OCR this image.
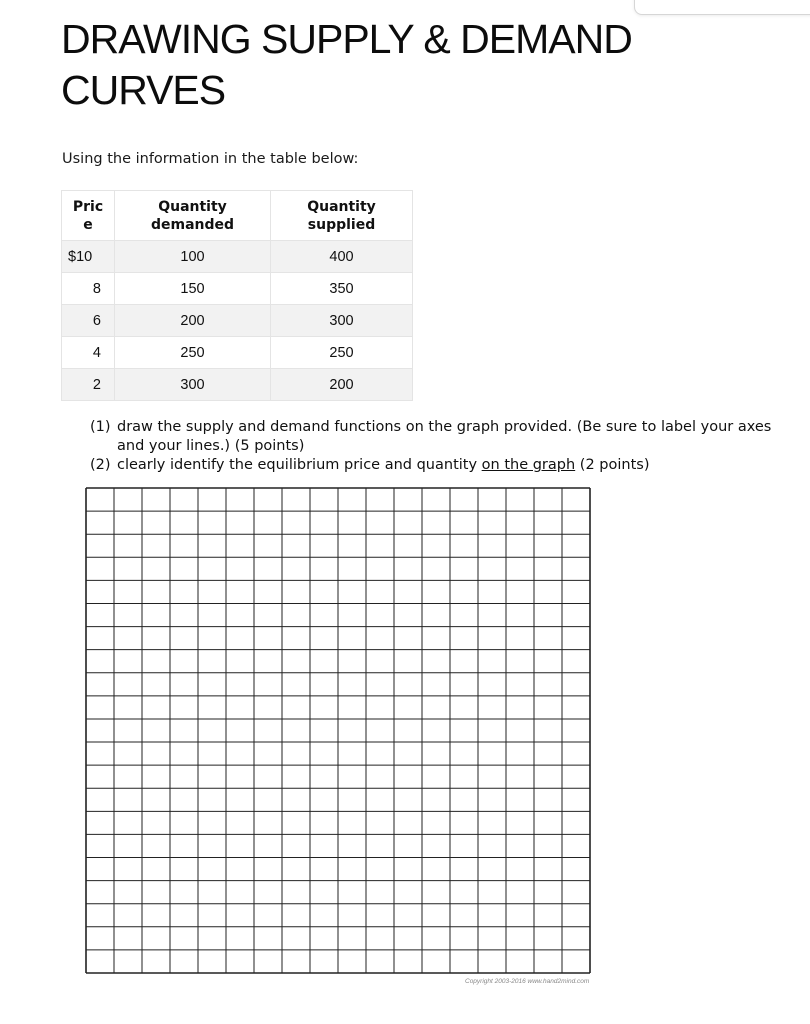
DRAWING SUPPLY & DEMAND CURVES
Using the information in the table below:
Pric e	Quantity demanded	Quantity supplied

$10	100	400
8	150	350
6	200	300
4	250	250
2	300	200
(1) draw the supply and demand functions on the graph provided. (Be sure to label your axes and your lines.) (5 points)
(2) clearly identify the equilibrium price and quantity on the graph (2 points)
Copyright 2003-2016 www.hand2mind.com
